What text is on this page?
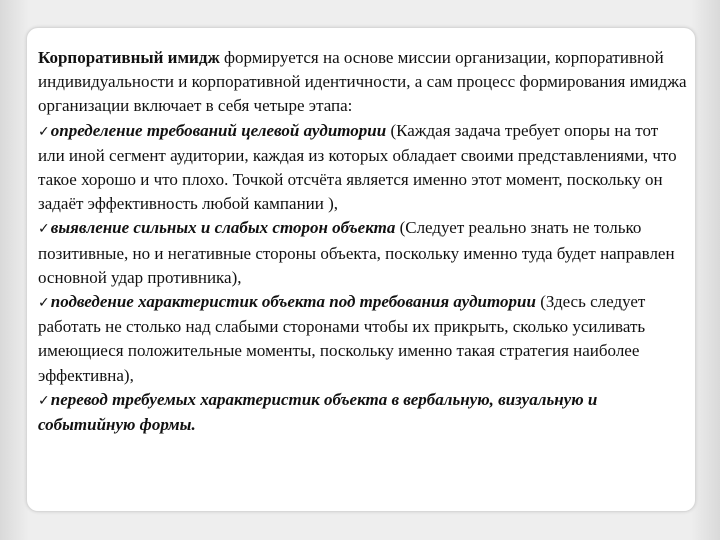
Корпоративный имидж формируется на основе миссии организации, корпоративной индивидуальности и корпоративной идентичности, а сам процесс формирования имиджа организации включает в себя четыре этапа:

✓определение требований целевой аудитории (Каждая задача требует опоры на тот или иной сегмент аудитории, каждая из которых обладает своими представлениями, что такое хорошо и что плохо. Точкой отсчёта является именно этот момент, поскольку он задаёт эффективность любой кампании ),

✓выявление сильных и слабых сторон объекта (Следует реально знать не только позитивные, но и негативные стороны объекта, поскольку именно туда будет направлен основной удар противника),

✓подведение характеристик объекта под требования аудитории (Здесь следует работать не столько над слабыми сторонами чтобы их прикрыть, сколько усиливать имеющиеся положительные моменты, поскольку именно такая стратегия наиболее эффективна),

✓перевод требуемых характеристик объекта в вербальную, визуальную и событийную формы.
